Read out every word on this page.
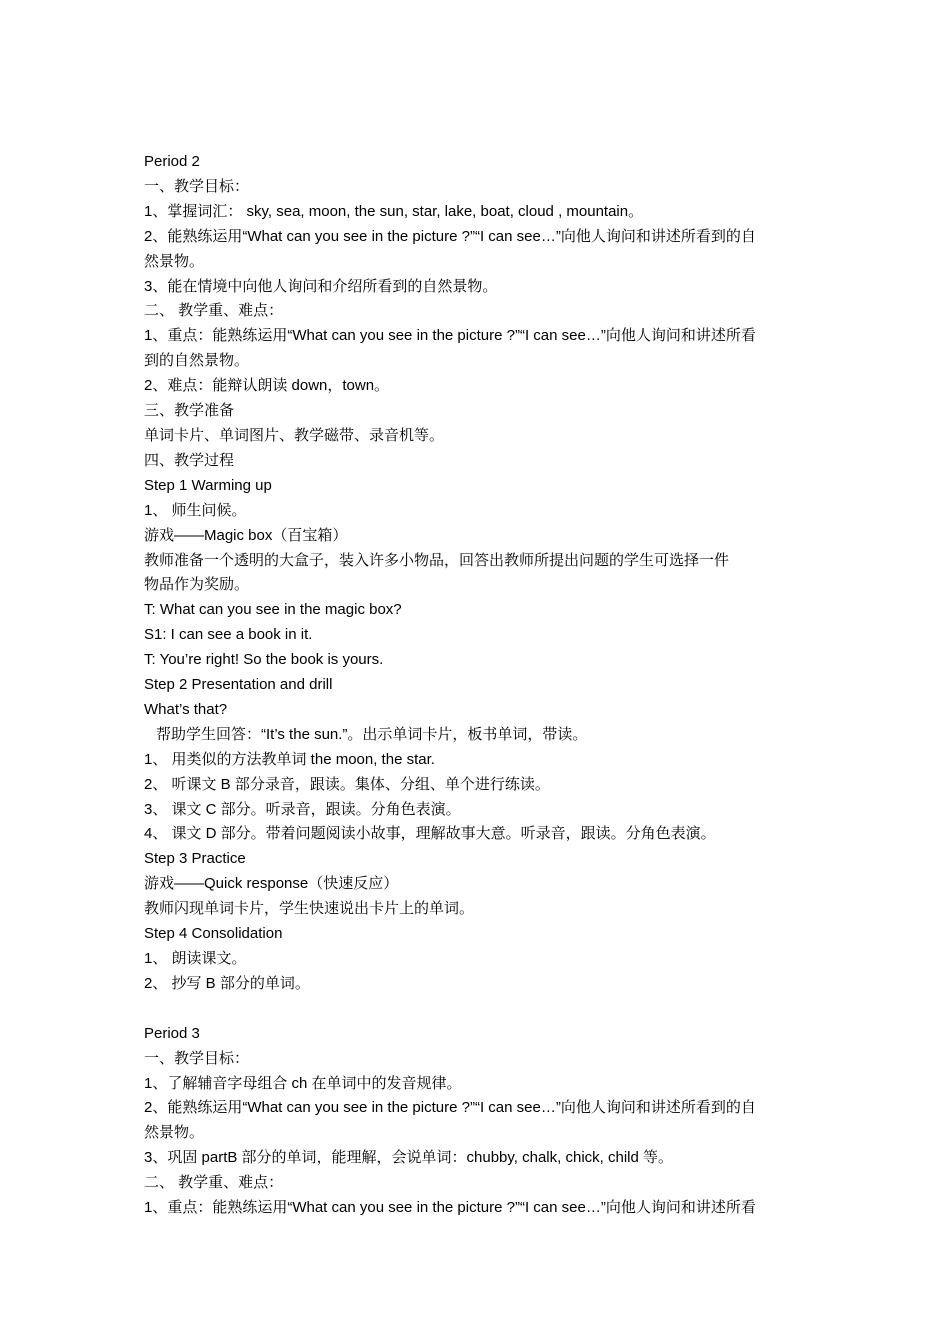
Period 2
一、教学目标：
1、掌握词汇： sky, sea, moon, the sun, star, lake, boat, cloud , mountain。
2、能熟练运用“What can you see in the picture ?”“I can see…”向他人询问和讲述所看到的自
然景物。
3、能在情境中向他人询问和介绍所看到的自然景物。
二、 教学重、难点：
1、重点：能熟练运用“What can you see in the picture ?”“I can see…”向他人询问和讲述所看
到的自然景物。
2、难点：能辩认朗读 down，town。
三、教学准备
单词卡片、单词图片、教学磁带、录音机等。
四、教学过程
Step 1 Warming up
1、 师生问候。
游戏——Magic box（百宝箱）
教师准备一个透明的大盒子，装入许多小物品，回答出教师所提出问题的学生可选择一件
物品作为奖励。
T: What can you see in the magic box?
S1: I can see a book in it.
T: You’re right! So the book is yours.
Step 2 Presentation and drill
What’s that?
帮助学生回答：“It’s the sun.”。出示单词卡片，板书单词，带读。
1、 用类似的方法教单词 the moon, the star.
2、 听课文 B 部分录音，跟读。集体、分组、单个进行练读。
3、 课文 C 部分。听录音，跟读。分角色表演。
4、 课文 D 部分。带着问题阅读小故事，理解故事大意。听录音，跟读。分角色表演。
Step 3 Practice
游戏——Quick response（快速反应）
教师闪现单词卡片，学生快速说出卡片上的单词。
Step 4 Consolidation
1、 朗读课文。
2、 抄写 B 部分的单词。
Period 3
一、教学目标：
1、了解辅音字母组合 ch 在单词中的发音规律。
2、能熟练运用“What can you see in the picture ?”“I can see…”向他人询问和讲述所看到的自
然景物。
3、巩固 partB 部分的单词，能理解，会说单词：chubby, chalk, chick, child 等。
二、 教学重、难点：
1、重点：能熟练运用“What can you see in the picture ?”“I can see…”向他人询问和讲述所看
